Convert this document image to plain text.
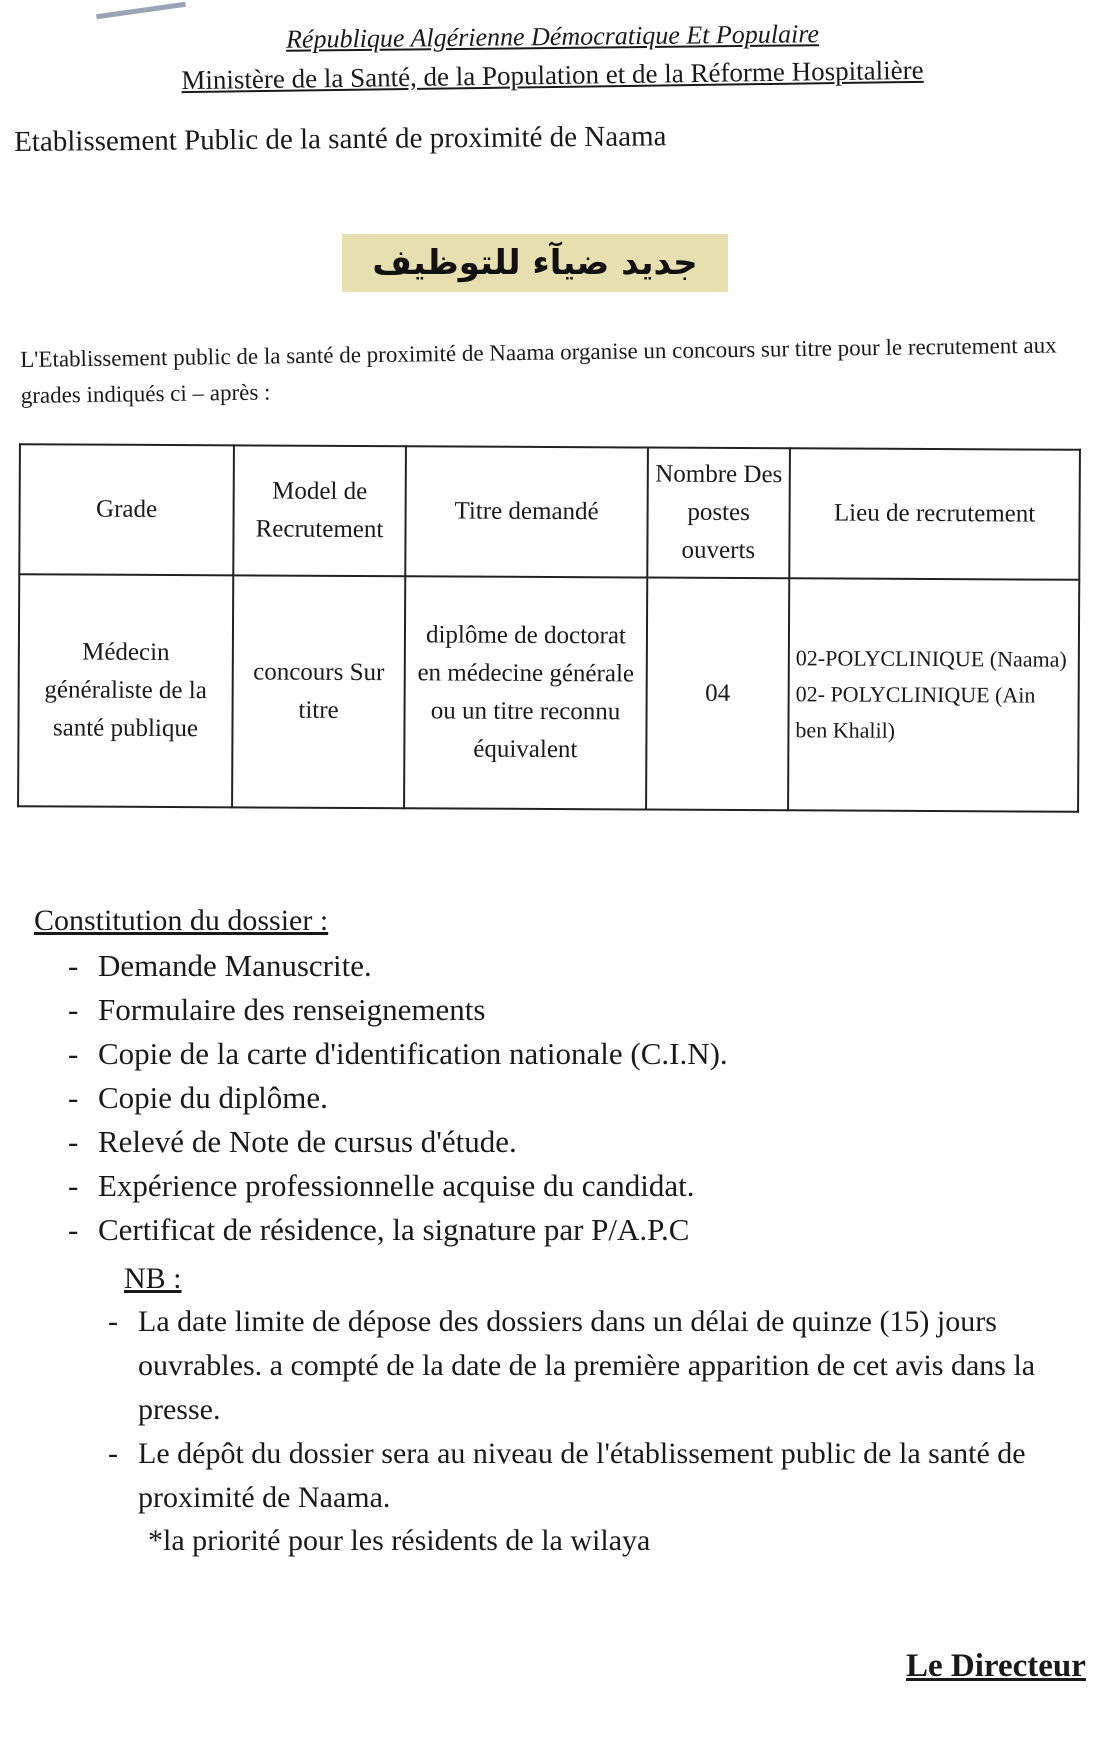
République Algérienne Démocratique Et Populaire
Ministère de la Santé, de la Population et de la Réforme Hospitalière
Etablissement Public de la santé de proximité de Naama
جديد ضيآء للتوظيف
L'Etablissement public de la santé de proximité de Naama organise un concours sur titre pour le recrutement aux grades indiqués ci – après :
Grade	Model de Recrutement	Titre demandé	Nombre Des postes ouverts	Lieu de recrutement
Médecin généraliste de la santé publique	concours Sur titre	diplôme de doctorat en médecine générale ou un titre reconnu équivalent	04	02-POLYCLINIQUE (Naama)
02- POLYCLINIQUE (Ain ben Khalil)
Constitution du dossier :
- Demande Manuscrite.
- Formulaire des renseignements
- Copie de la carte d'identification nationale (C.I.N).
- Copie du diplôme.
- Relevé de Note de cursus d'étude.
- Expérience professionnelle acquise du candidat.
- Certificat de résidence, la signature par P/A.P.C
NB :
- La date limite de dépose des dossiers dans un délai de quinze (15) jours ouvrables. a compté de la date de la première apparition de cet avis dans la presse.
- Le dépôt du dossier sera au niveau de l'établissement public de la santé de proximité de Naama.
*la priorité pour les résidents de la wilaya
Le Directeur
